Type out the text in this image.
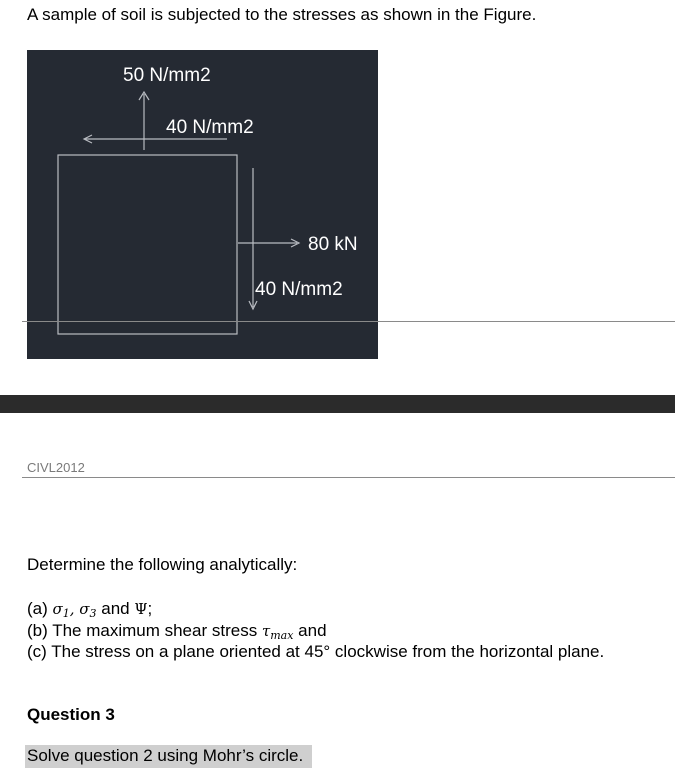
A sample of soil is subjected to the stresses as shown in the Figure.
50 N/mm2
40 N/mm2
80 kN
40 N/mm2
CIVL2012
Determine the following analytically:
(a) $\sigma_1$, $\sigma_3$ and Ψ;
(b) The maximum shear stress $\tau_{max}$ and
(c) The stress on a plane oriented at 45° clockwise from the horizontal plane.
Question 3
Solve question 2 using Mohr’s circle.
